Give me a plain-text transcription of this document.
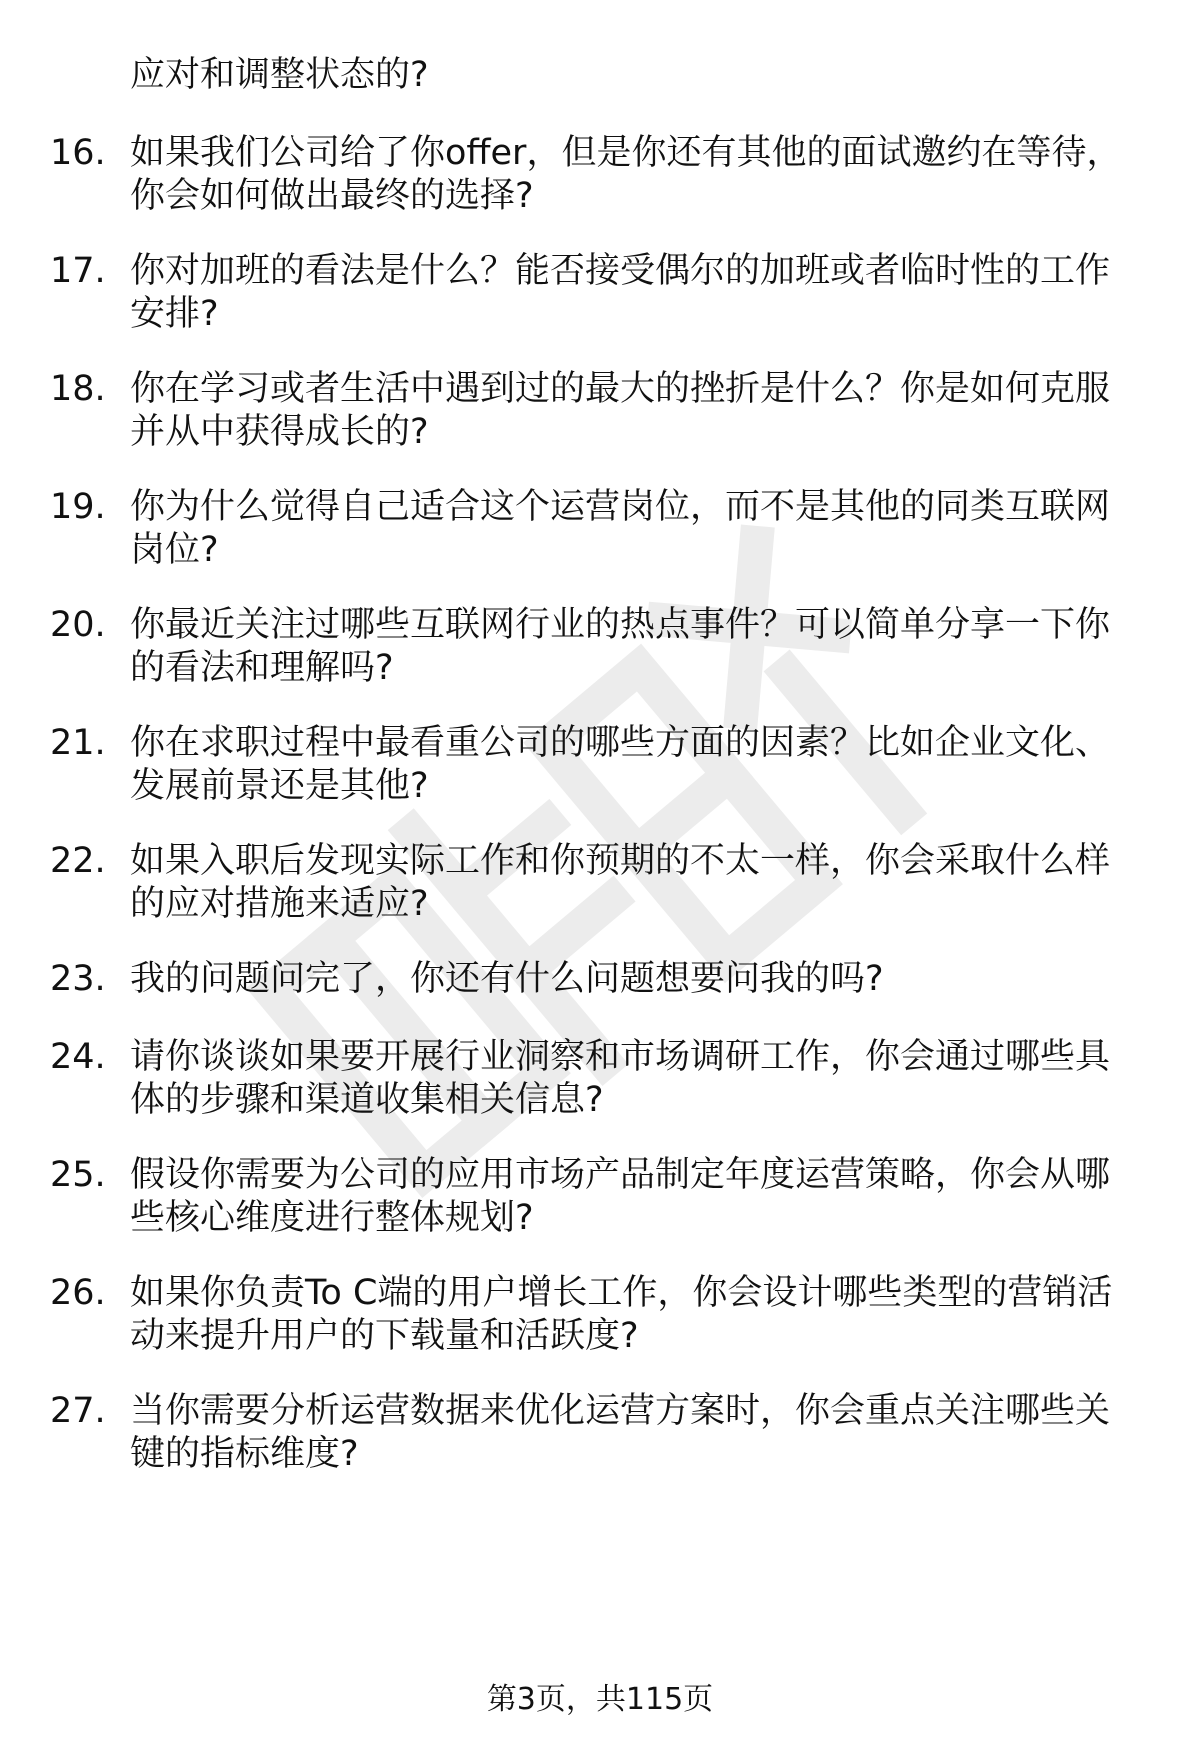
应对和调整状态的?
16. 如果我们公司给了你offer，但是你还有其他的面试邀约在等待，
你会如何做出最终的选择?
17. 你对加班的看法是什么？能否接受偶尔的加班或者临时性的工作
安排?
18. 你在学习或者生活中遇到过的最大的挫折是什么？你是如何克服
并从中获得成长的?
19. 你为什么觉得自己适合这个运营岗位，而不是其他的同类互联网
岗位?
20. 你最近关注过哪些互联网行业的热点事件？可以简单分享一下你
的看法和理解吗?
21. 你在求职过程中最看重公司的哪些方面的因素？比如企业文化、
发展前景还是其他?
22. 如果入职后发现实际工作和你预期的不太一样，你会采取什么样
的应对措施来适应?
23. 我的问题问完了，你还有什么问题想要问我的吗?
24. 请你谈谈如果要开展行业洞察和市场调研工作，你会通过哪些具
体的步骤和渠道收集相关信息?
25. 假设你需要为公司的应用市场产品制定年度运营策略，你会从哪
些核心维度进行整体规划?
26. 如果你负责To C端的用户增长工作，你会设计哪些类型的营销活
动来提升用户的下载量和活跃度?
27. 当你需要分析运营数据来优化运营方案时，你会重点关注哪些关
键的指标维度?
第3页，共115页
